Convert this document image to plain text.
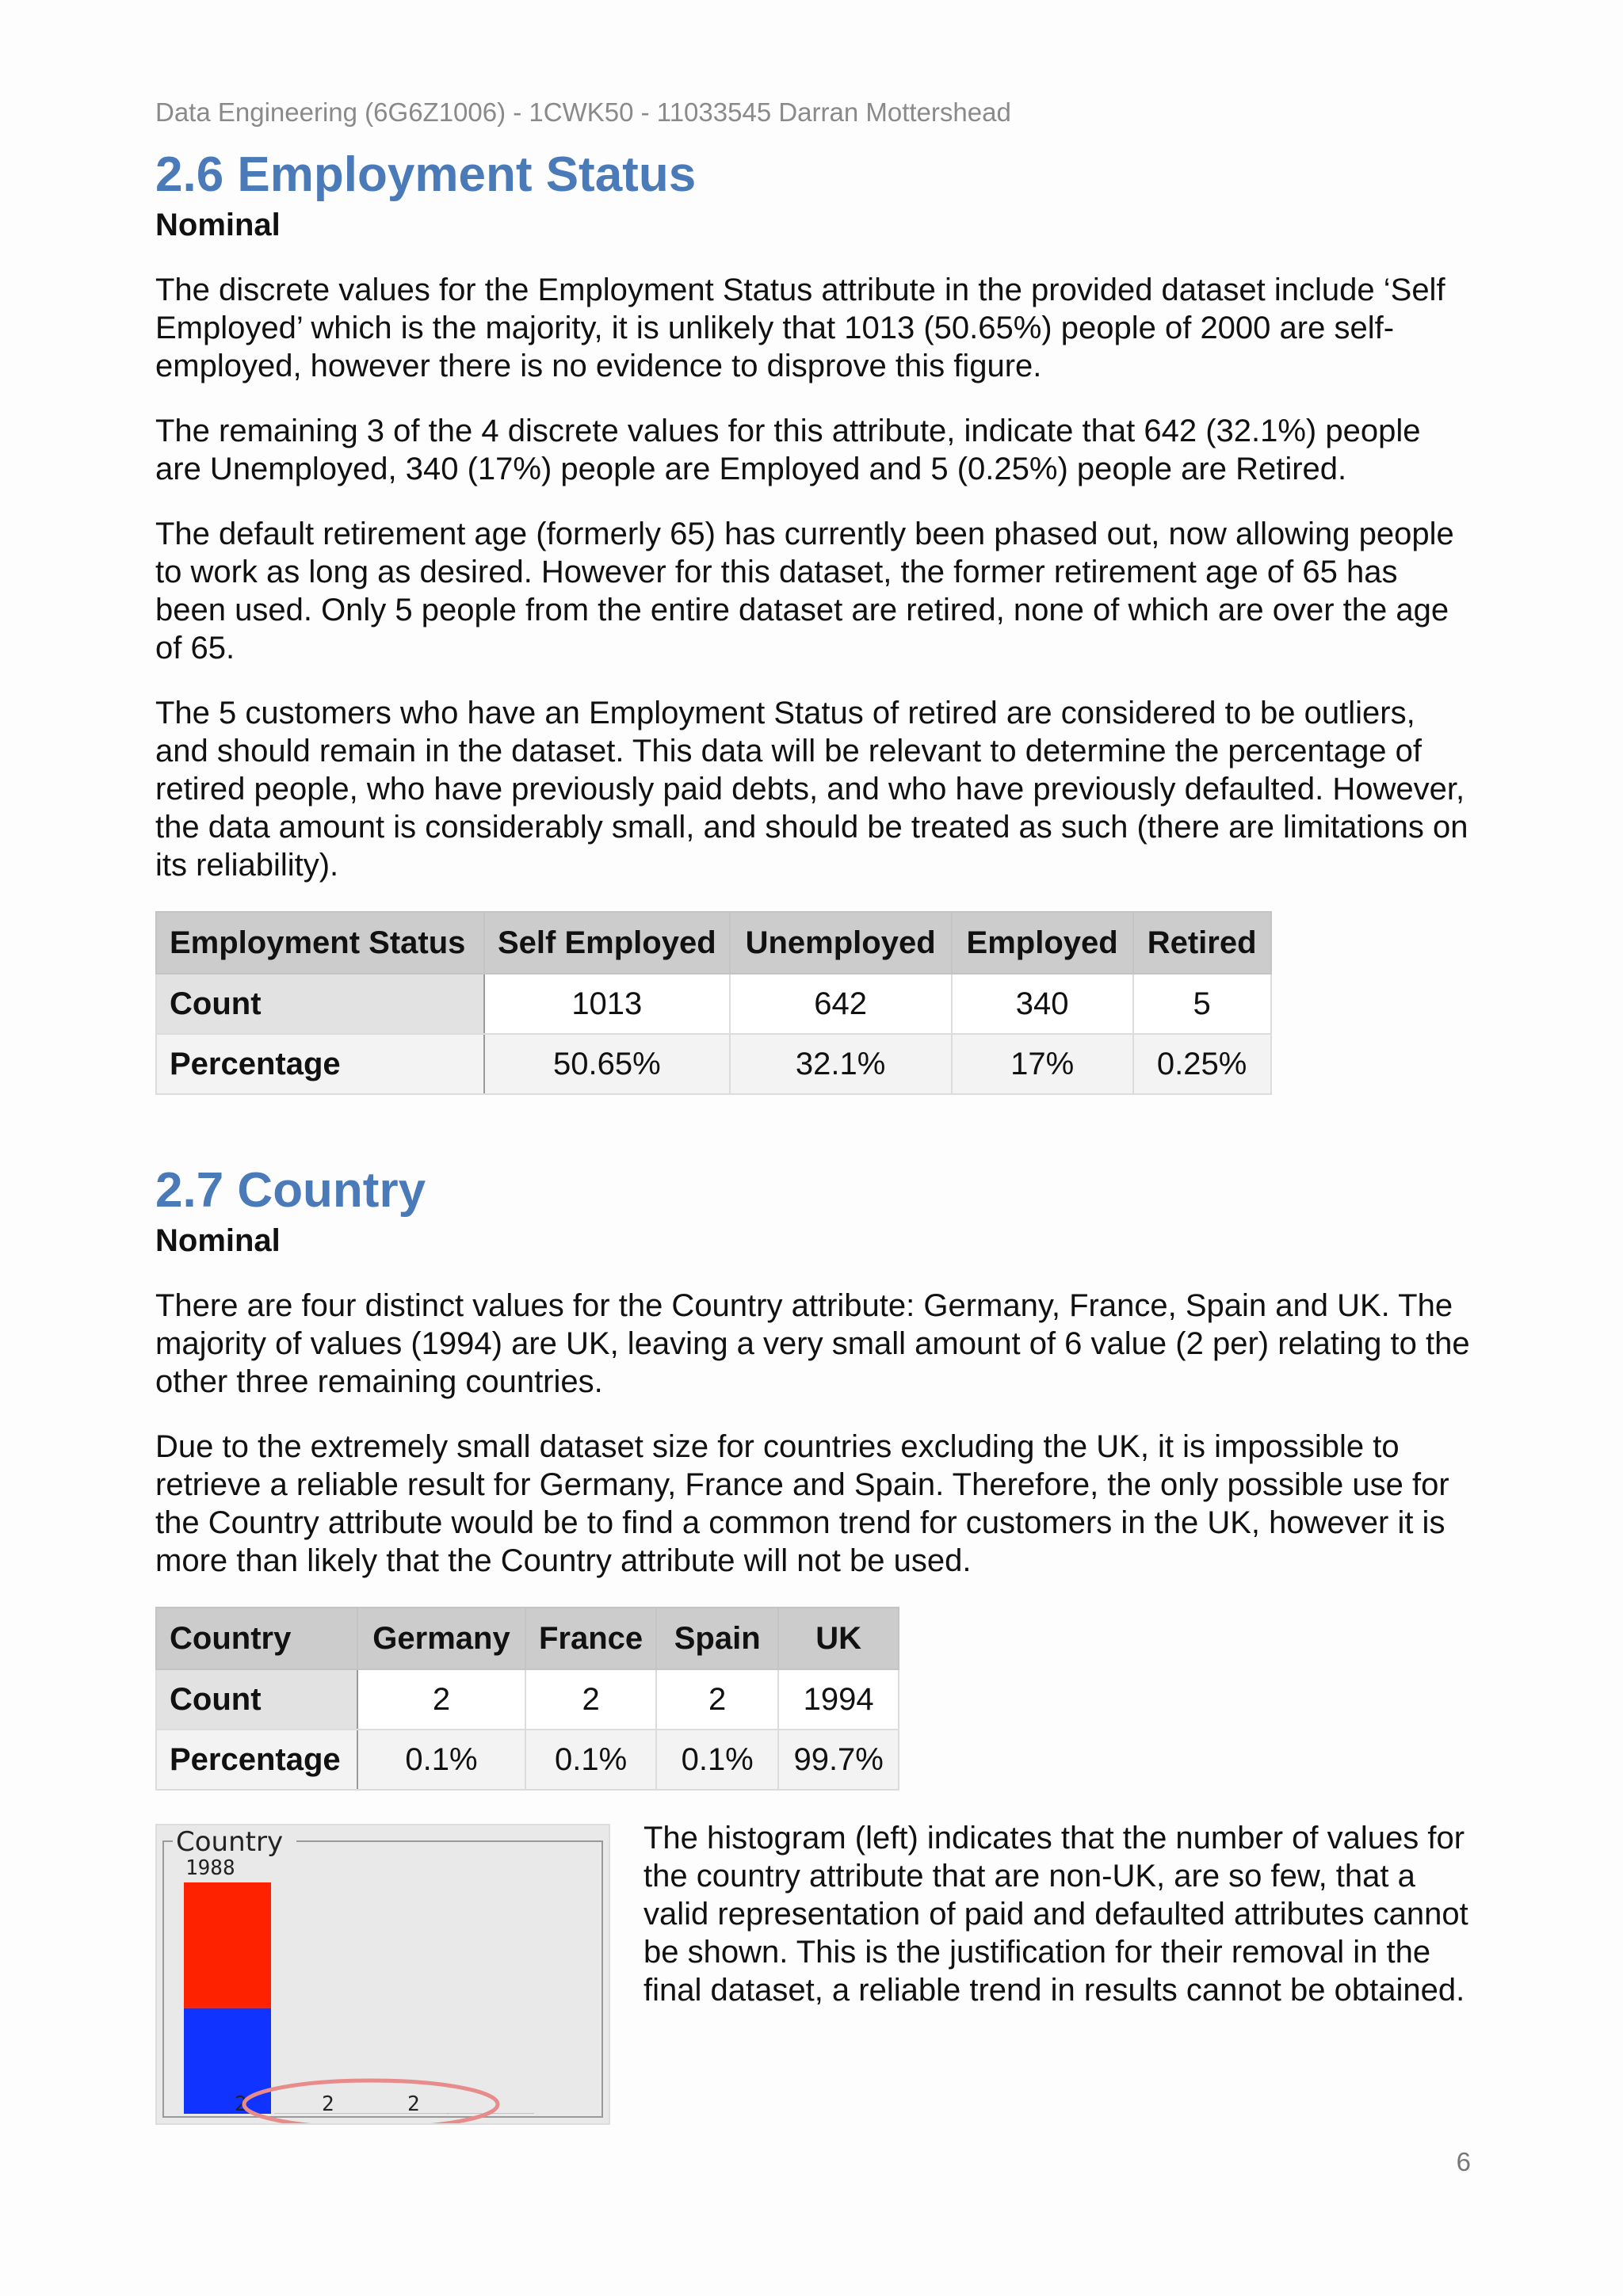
Data Engineering (6G6Z1006) - 1CWK50 - 11033545 Darran Mottershead
2.6 Employment Status
Nominal

The discrete values for the Employment Status attribute in the provided dataset include ‘Self Employed’ which is the majority, it is unlikely that 1013 (50.65%) people of 2000 are self-employed, however there is no evidence to disprove this figure.

The remaining 3 of the 4 discrete values for this attribute, indicate that 642 (32.1%) people are Unemployed, 340 (17%) people are Employed and 5 (0.25%) people are Retired.

The default retirement age (formerly 65) has currently been phased out, now allowing people to work as long as desired. However for this dataset, the former retirement age of 65 has been used. Only 5 people from the entire dataset are retired, none of which are over the age of 65.

The 5 customers who have an Employment Status of retired are considered to be outliers, and should remain in the dataset. This data will be relevant to determine the percentage of retired people, who have previously paid debts, and who have previously defaulted. However, the data amount is considerably small, and should be treated as such (there are limitations on its reliability).

Employment Status	Self Employed	Unemployed	Employed	Retired
Count	1013	642	340	5
Percentage	50.65%	32.1%	17%	0.25%
2.7 Country
Nominal

There are four distinct values for the Country attribute: Germany, France, Spain and UK. The majority of values (1994) are UK, leaving a very small amount of 6 value (2 per) relating to the other three remaining countries.

Due to the extremely small dataset size for countries excluding the UK, it is impossible to retrieve a reliable result for Germany, France and Spain. Therefore, the only possible use for the Country attribute would be to find a common trend for customers in the UK, however it is more than likely that the Country attribute will not be used.

Country	Germany	France	Spain	UK
Count	2	2	2	1994
Percentage	0.1%	0.1%	0.1%	99.7%
Country
1988
2	2	2

The histogram (left) indicates that the number of values for the country attribute that are non-UK, are so few, that a valid representation of paid and defaulted attributes cannot be shown. This is the justification for their removal in the final dataset, a reliable trend in results cannot be obtained.

6
